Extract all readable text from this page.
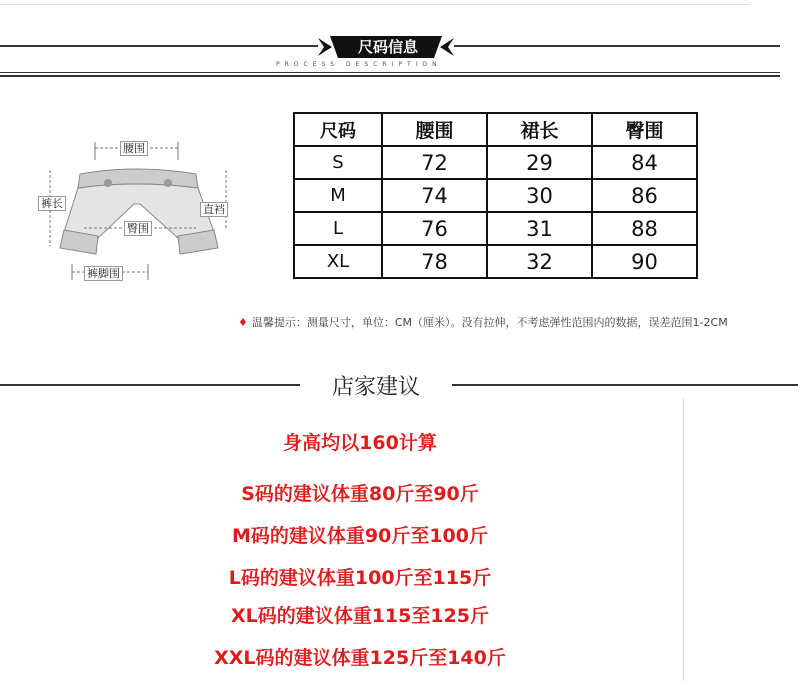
尺码信息
PROCESS DESCRIPTION
腰围
裤长	直裆
臀围
裤脚围
尺码	腰围	裙长	臀围
S	72	29	84
M	74	30	86
L	76	31	88
XL	78	32	90
♦ 温馨提示：测量尺寸，单位：CM（厘米）。没有拉伸，不考虑弹性范围内的数据，误差范围1-2CM
店家建议
身高均以160计算
S码的建议体重80斤至90斤
M码的建议体重90斤至100斤
L码的建议体重100斤至115斤
XL码的建议体重115至125斤
XXL码的建议体重125斤至140斤
